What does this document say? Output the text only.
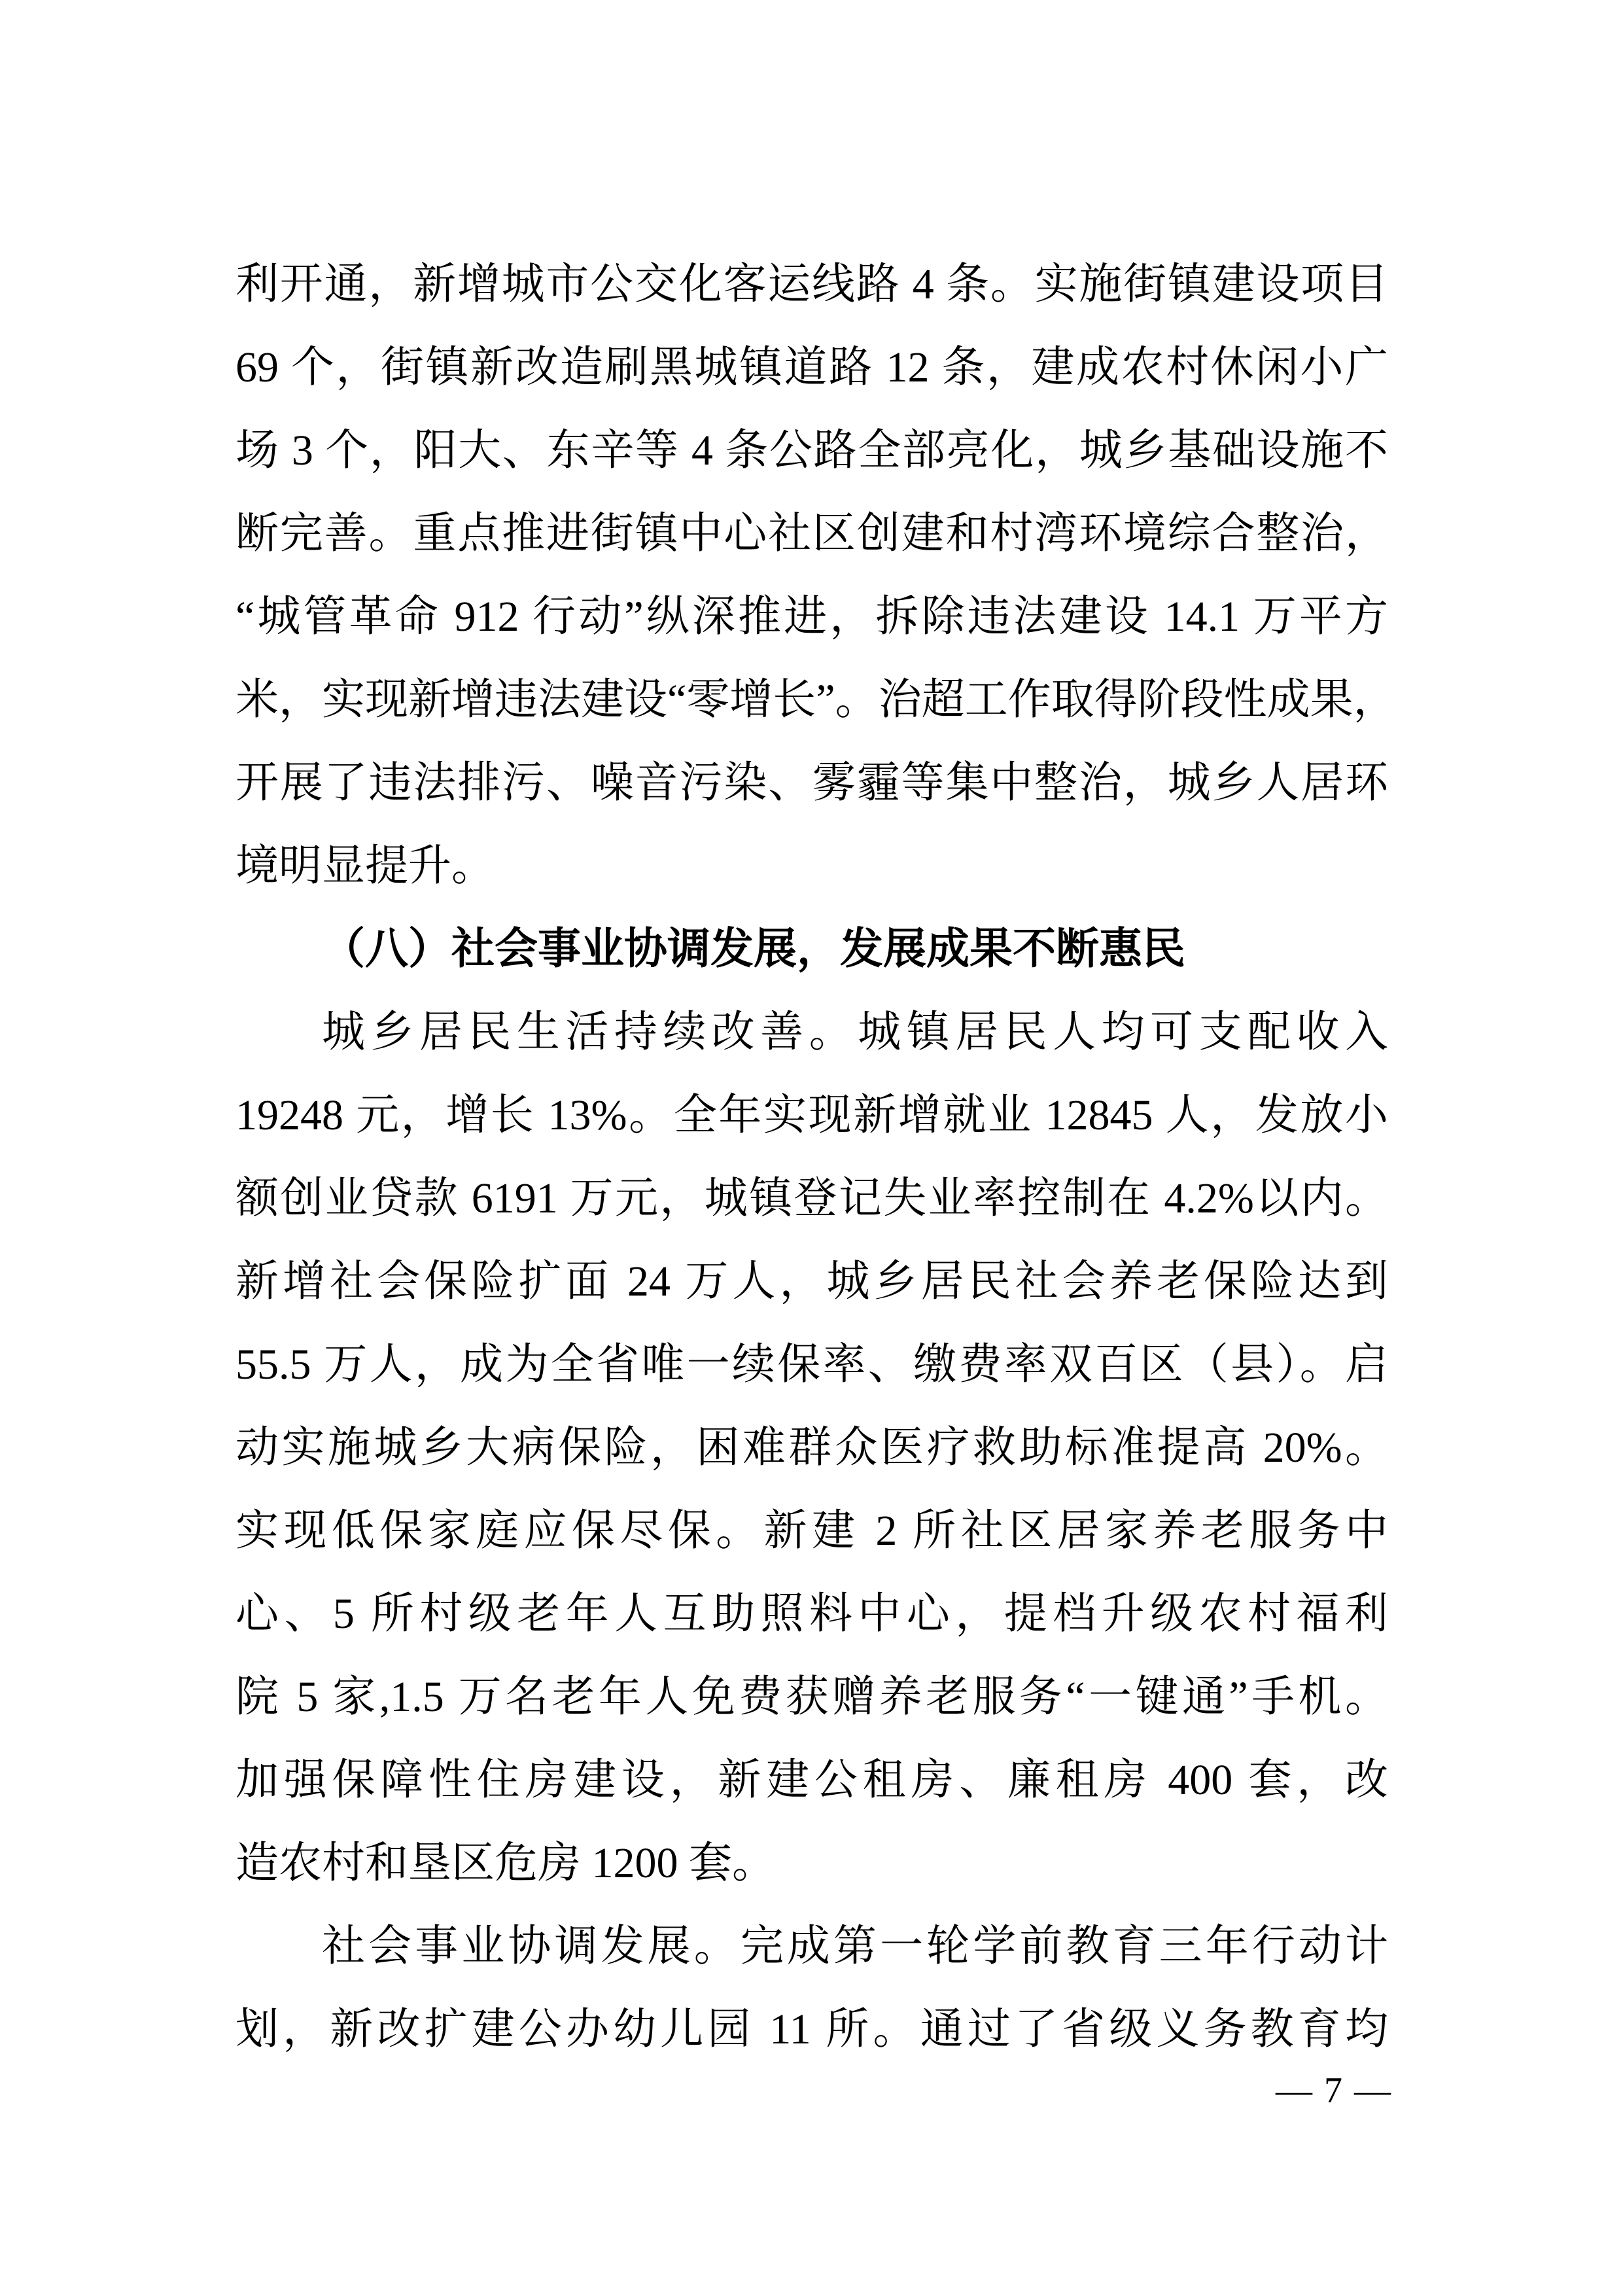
利开通，新增城市公交化客运线路 4 条。实施街镇建设项目
69 个，街镇新改造刷黑城镇道路 12 条，建成农村休闲小广
场 3 个，阳大、东辛等 4 条公路全部亮化，城乡基础设施不
断完善。重点推进街镇中心社区创建和村湾环境综合整治，
“城管革命 912 行动”纵深推进，拆除违法建设 14.1 万平方
米，实现新增违法建设“零增长”。治超工作取得阶段性成果，
开展了违法排污、噪音污染、雾霾等集中整治，城乡人居环
境明显提升。
（八）社会事业协调发展，发展成果不断惠民
城乡居民生活持续改善。城镇居民人均可支配收入
19248 元，增长 13%。全年实现新增就业 12845 人，发放小
额创业贷款 6191 万元，城镇登记失业率控制在 4.2%以内。
新增社会保险扩面 24 万人，城乡居民社会养老保险达到
55.5 万人，成为全省唯一续保率、缴费率双百区（县）。启
动实施城乡大病保险，困难群众医疗救助标准提高 20%。
实现低保家庭应保尽保。新建 2 所社区居家养老服务中
心、5 所村级老年人互助照料中心，提档升级农村福利
院 5 家,1.5 万名老年人免费获赠养老服务“一键通”手机。
加强保障性住房建设，新建公租房、廉租房 400 套，改
造农村和垦区危房 1200 套。
社会事业协调发展。完成第一轮学前教育三年行动计
划，新改扩建公办幼儿园 11 所。通过了省级义务教育均
— 7 —
